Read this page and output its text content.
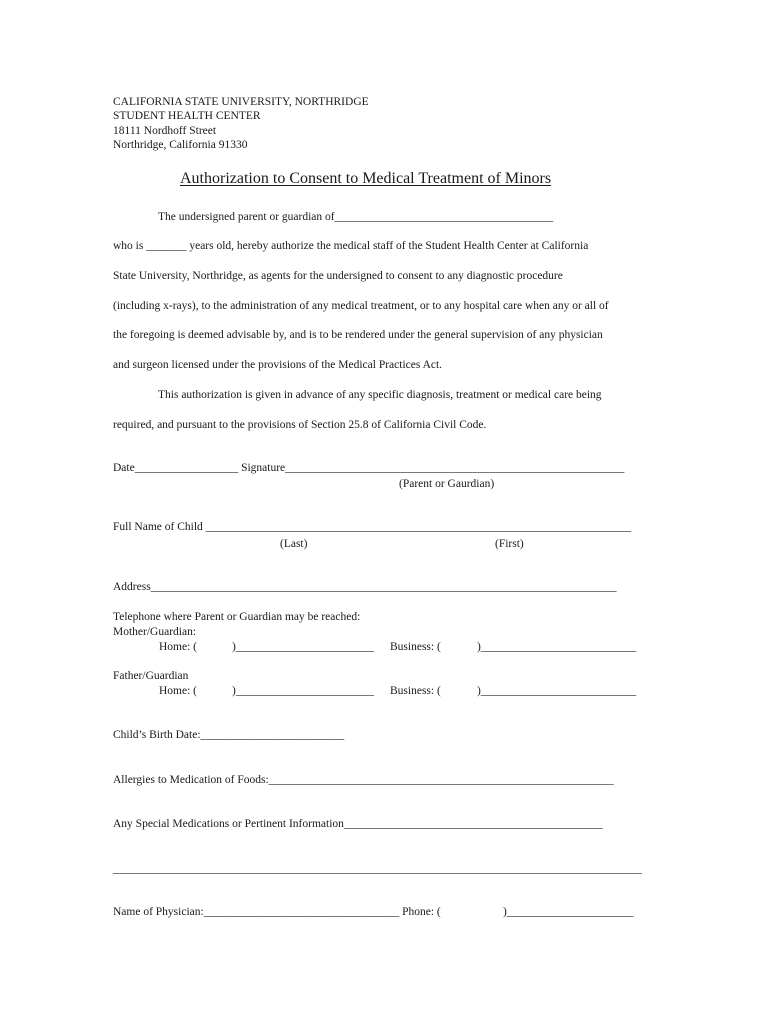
CALIFORNIA STATE UNIVERSITY, NORTHRIDGE
STUDENT HEALTH CENTER
18111 Nordhoff Street
Northridge, California 91330
Authorization to Consent to Medical Treatment of Minors
The undersigned parent or guardian of______________________________________
who is _______ years old, hereby authorize the medical staff of the Student Health Center at California
State University, Northridge, as agents for the undersigned to consent to any diagnostic procedure
(including x-rays), to the administration of any medical treatment, or to any hospital care when any or all of
the foregoing is deemed advisable by, and is to be rendered under the general supervision of any physician
and surgeon licensed under the provisions of the Medical Practices Act.
This authorization is given in advance of any specific diagnosis, treatment or medical care being
required, and pursuant to the provisions of Section 25.8 of California Civil Code.
Date__________________ Signature___________________________________________________________
(Parent or Gaurdian)
Full Name of Child __________________________________________________________________________
(Last)	(First)
Address_________________________________________________________________________________
Telephone where Parent or Guardian may be reached:
Mother/Guardian:
Home: (	)________________________ Business: (	)___________________________
Father/Guardian
Home: (	)________________________ Business: (	)___________________________
Child’s Birth Date:_________________________
Allergies to Medication of Foods:____________________________________________________________
Any Special Medications or Pertinent Information_____________________________________________
____________________________________________________________________________________________
Name of Physician:__________________________________ Phone: (	)______________________
